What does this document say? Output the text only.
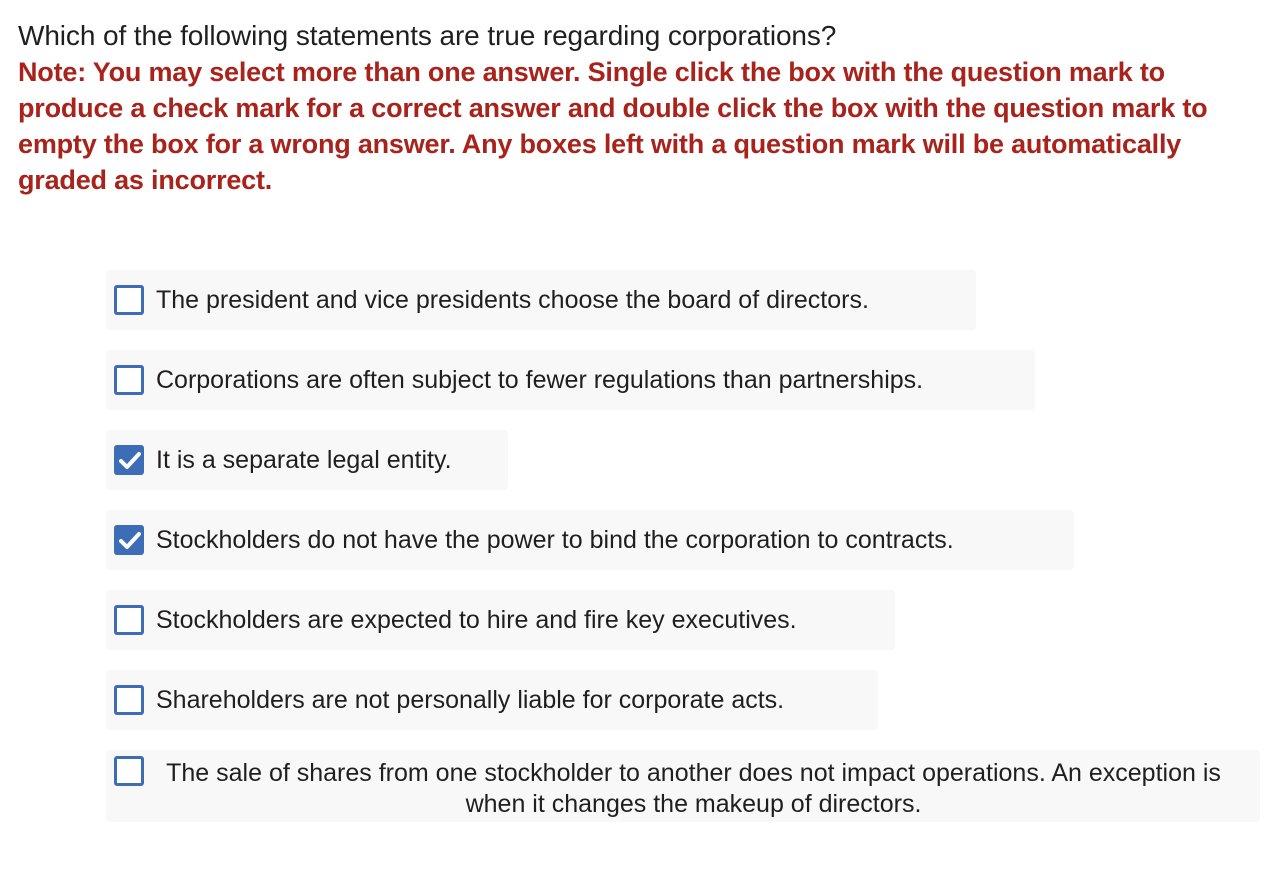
Which of the following statements are true regarding corporations?
Note: You may select more than one answer. Single click the box with the question mark to produce a check mark for a correct answer and double click the box with the question mark to empty the box for a wrong answer. Any boxes left with a question mark will be automatically graded as incorrect.
The president and vice presidents choose the board of directors.
Corporations are often subject to fewer regulations than partnerships.
It is a separate legal entity.
Stockholders do not have the power to bind the corporation to contracts.
Stockholders are expected to hire and fire key executives.
Shareholders are not personally liable for corporate acts.
The sale of shares from one stockholder to another does not impact operations. An exception is when it changes the makeup of directors.
